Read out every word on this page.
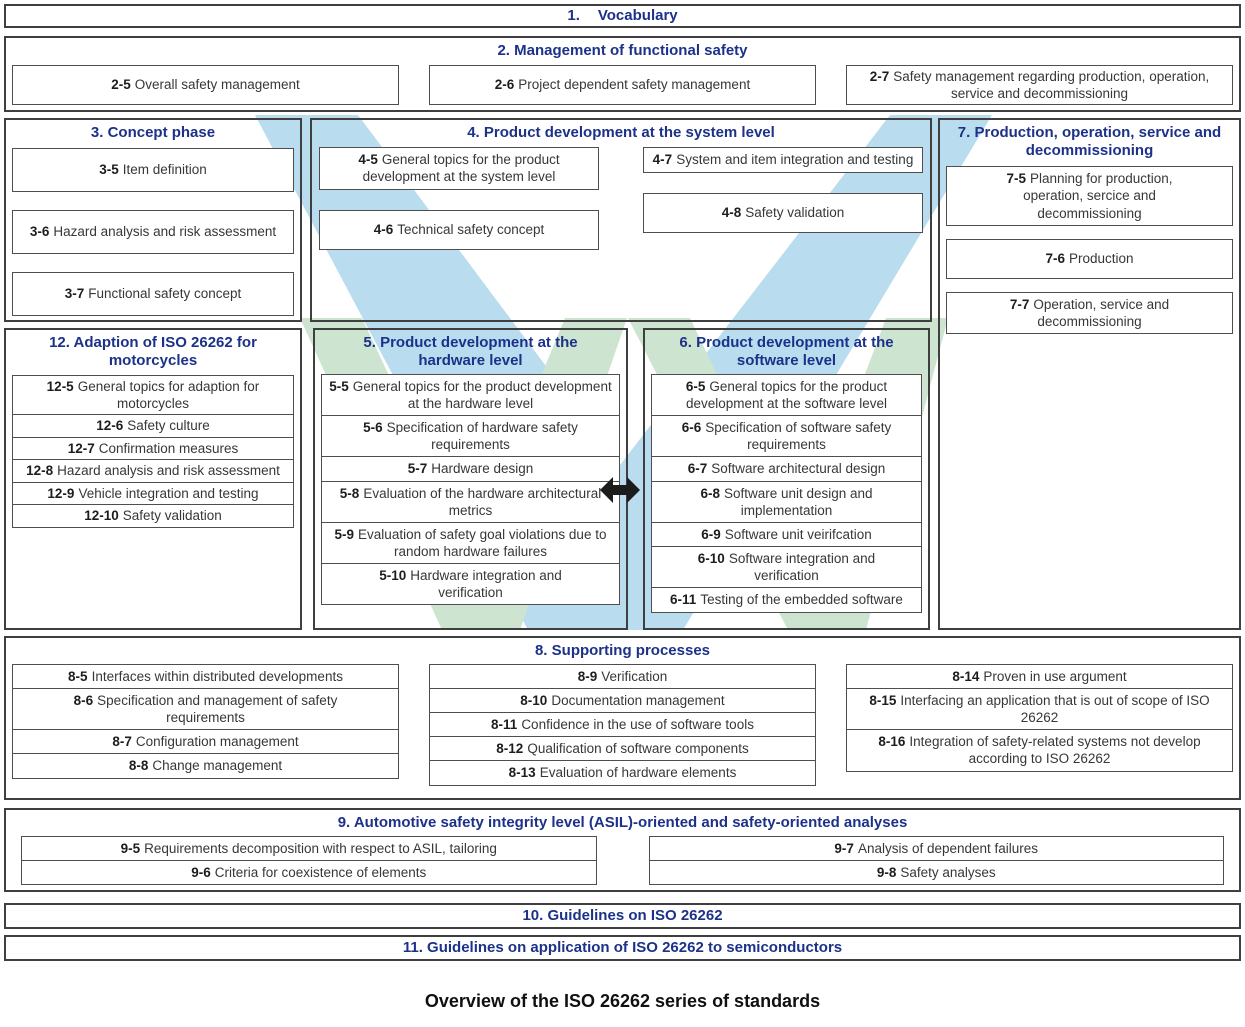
1. Vocabulary
2. Management of functional safety
2-5 Overall safety management	2-6 Project dependent safety management
2-7 Safety management regarding production, operation, service and decommissioning
3. Concept phase
3-5 Item definition
3-6 Hazard analysis and risk assessment
3-7 Functional safety concept
4. Product development at the system level
4-5 General topics for the product development at the system level
4-6 Technical safety concept
4-7 System and item integration and testing
4-8 Safety validation
7. Production, operation, service and decommissioning
7-5 Planning for production, operation, sercice and decommissioning
7-6 Production
7-7 Operation, service and decommissioning
12. Adaption of ISO 26262 for motorcycles
12-5 General topics for adaption for motorcycles
12-6 Safety culture
12-7 Confirmation measures
12-8 Hazard analysis and risk assessment
12-9 Vehicle integration and testing
12-10 Safety validation
5. Product development at the hardware level
5-5 General topics for the product development at the hardware level
5-6 Specification of hardware safety requirements
5-7 Hardware design
5-8 Evaluation of the hardware architectural metrics
5-9 Evaluation of safety goal violations due to random hardware failures
5-10 Hardware integration and verification
6. Product development at the software level
6-5 General topics for the product development at the software level
6-6 Specification of software safety requirements
6-7 Software architectural design
6-8 Software unit design and implementation
6-9 Software unit veirifcation
6-10 Software integration and verification
6-11 Testing of the embedded software
8. Supporting processes
8-5 Interfaces within distributed developments
8-6 Specification and management of safety requirements
8-7 Configuration management
8-8 Change management
8-9 Verification
8-10 Documentation management
8-11 Confidence in the use of software tools
8-12 Qualification of software components
8-13 Evaluation of hardware elements
8-14 Proven in use argument
8-15 Interfacing an application that is out of scope of ISO 26262
8-16 Integration of safety-related systems not develop according to ISO 26262
9. Automotive safety integrity level (ASIL)-oriented and safety-oriented analyses
9-5 Requirements decomposition with respect to ASIL, tailoring
9-6 Criteria for coexistence of elements
9-7 Analysis of dependent failures
9-8 Safety analyses
10. Guidelines on ISO 26262
11. Guidelines on application of ISO 26262 to semiconductors
Overview of the ISO 26262 series of standards
